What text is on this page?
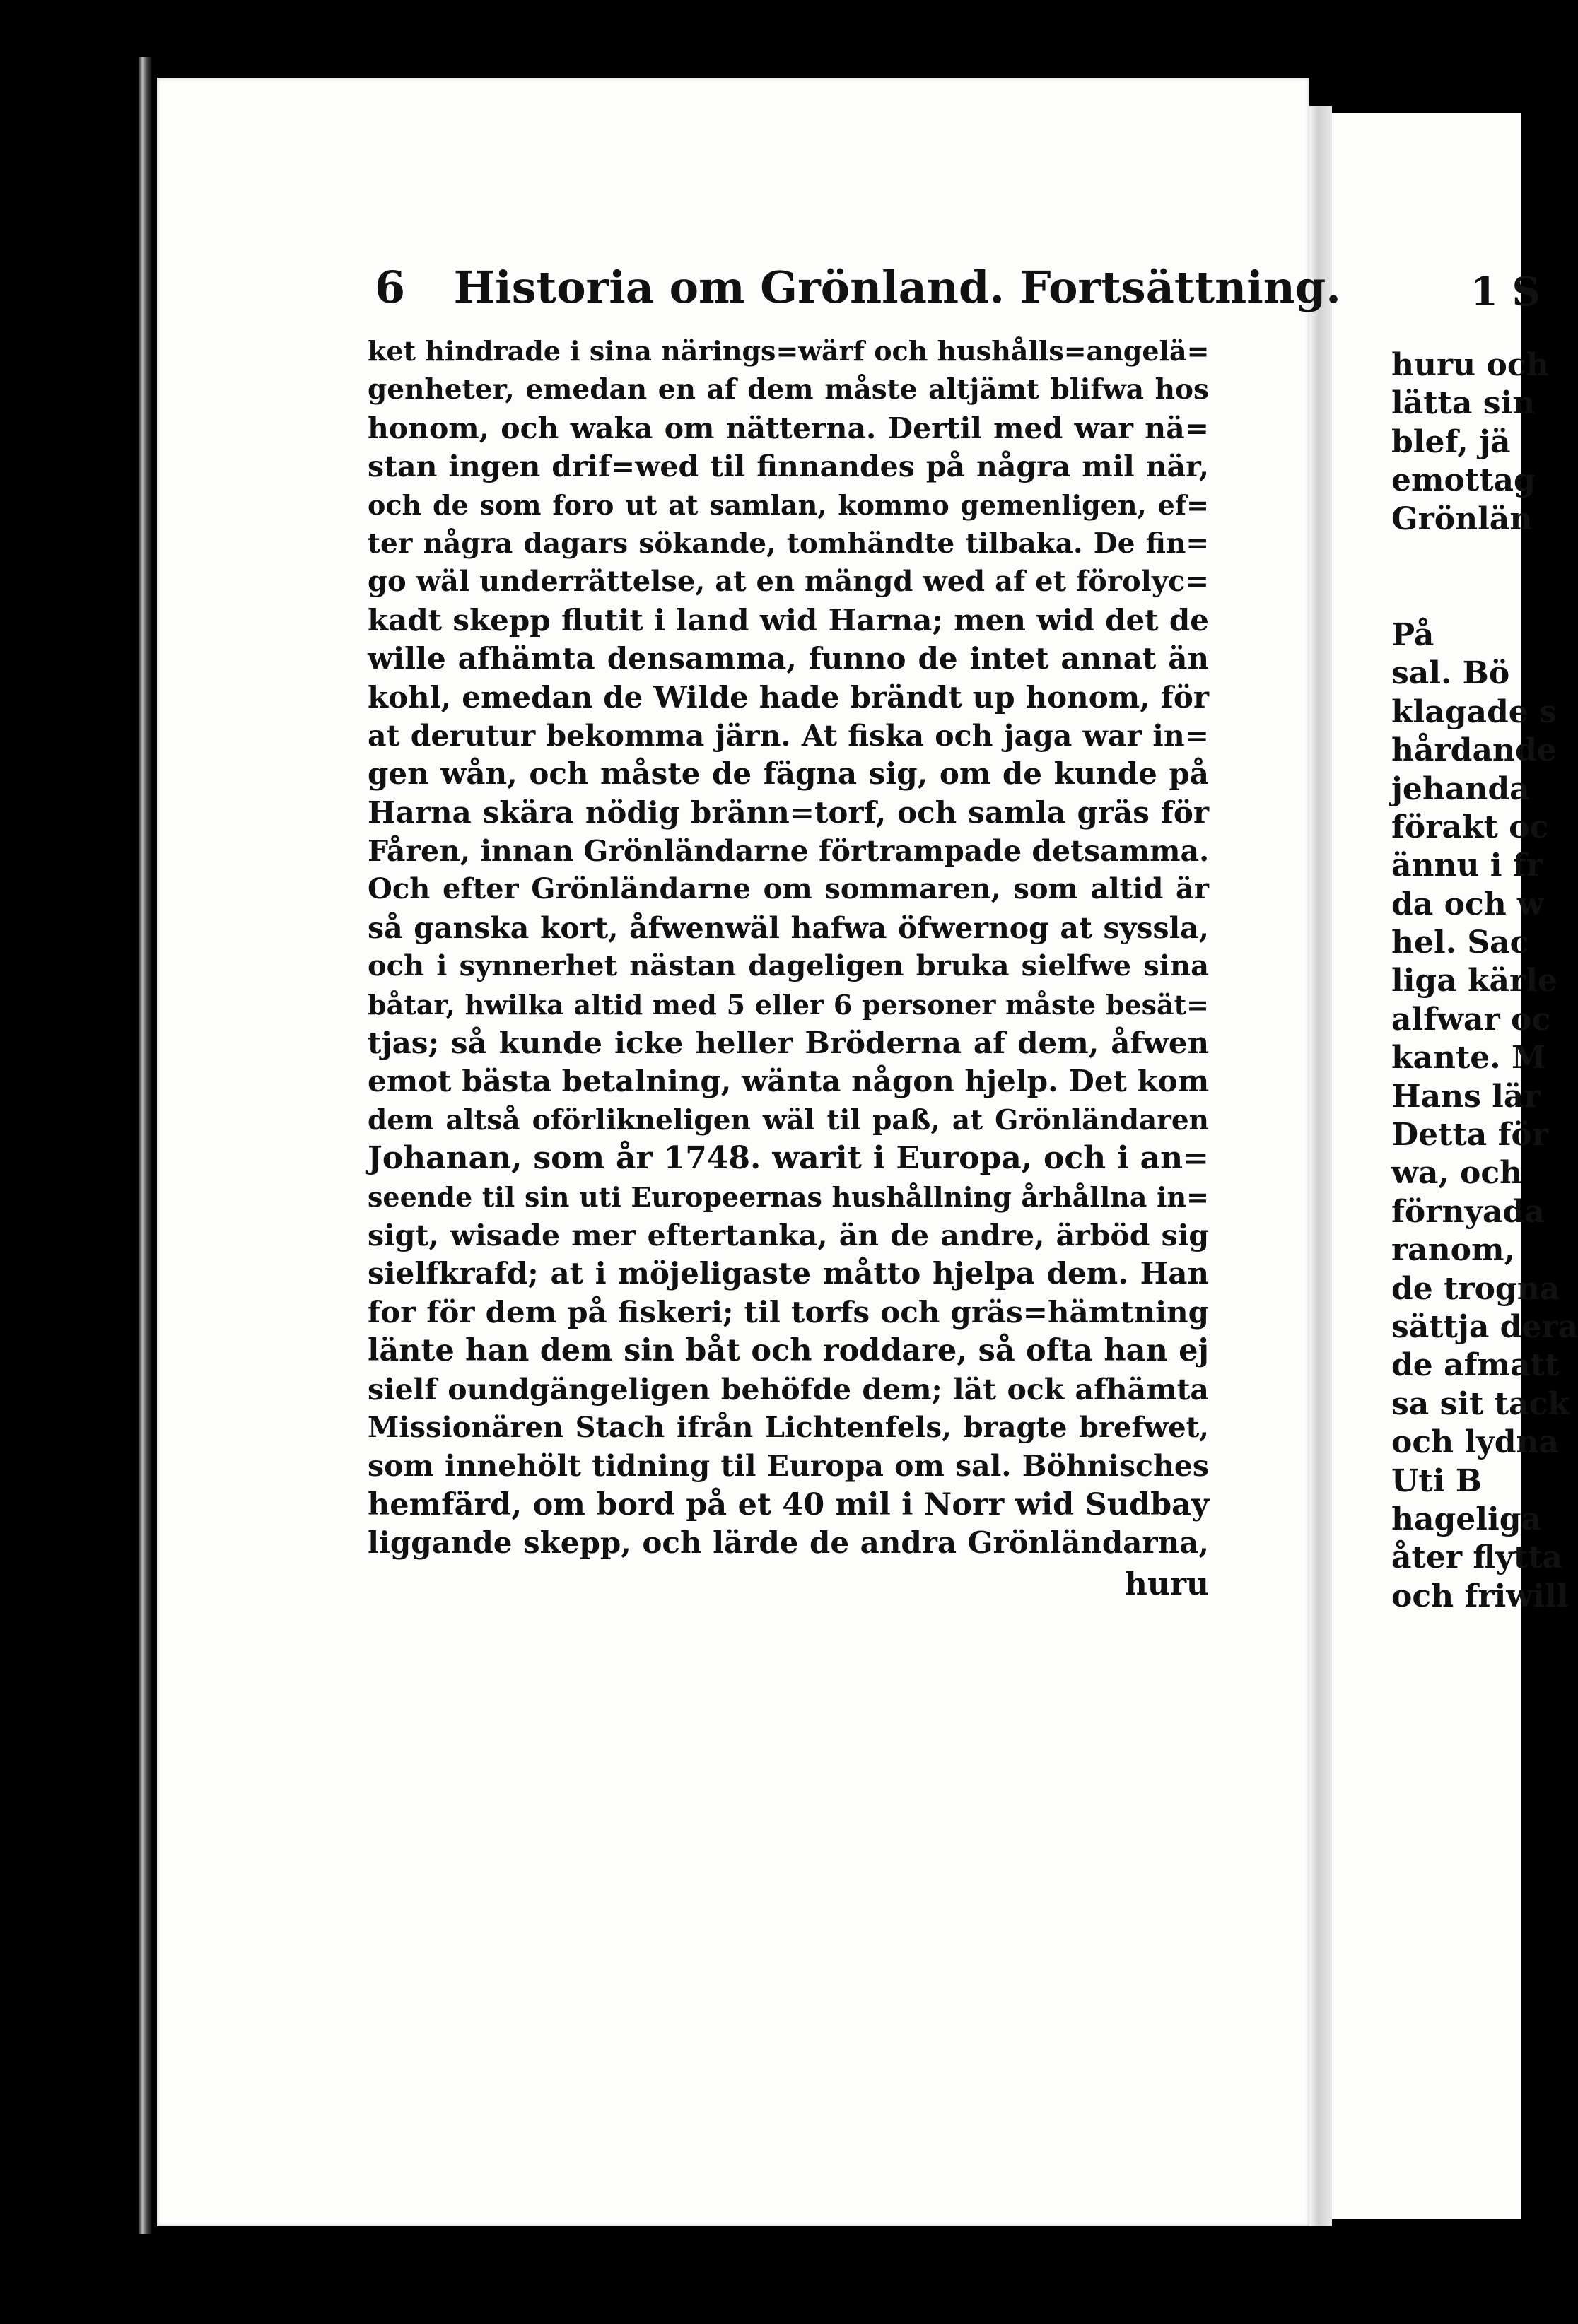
6 Historia om Grönland. Fortsättning.
ket hindrade i sina närings=wärf och hushålls=angelä=
genheter, emedan en af dem måste altjämt blifwa hos
honom, och waka om nätterna. Dertil med war nä=
stan ingen drif=wed til finnandes på några mil när,
och de som foro ut at samlan, kommo gemenligen, ef=
ter några dagars sökande, tomhändte tilbaka. De fin=
go wäl underrättelse, at en mängd wed af et förolyc=
kadt skepp flutit i land wid Harna; men wid det de
wille afhämta densamma, funno de intet annat än
kohl, emedan de Wilde hade brändt up honom, för
at derutur bekomma järn. At fiska och jaga war in=
gen wån, och måste de fägna sig, om de kunde på
Harna skära nödig bränn=torf, och samla gräs för
Fåren, innan Grönländarne förtrampade detsamma.
Och efter Grönländarne om sommaren, som altid är
så ganska kort, åfwenwäl hafwa öfwernog at syssla,
och i synnerhet nästan dageligen bruka sielfwe sina
båtar, hwilka altid med 5 eller 6 personer måste besät=
tjas; så kunde icke heller Bröderna af dem, åfwen
emot bästa betalning, wänta någon hjelp. Det kom
dem altså oförlikneligen wäl til paß, at Grönländaren
Johanan, som år 1748. warit i Europa, och i an=
seende til sin uti Europeernas hushållning århållna in=
sigt, wisade mer eftertanka, än de andre, ärböd sig
sielfkrafd; at i möjeligaste måtto hjelpa dem. Han
for för dem på fiskeri; til torfs och gräs=hämtning
länte han dem sin båt och roddare, så ofta han ej
sielf oundgängeligen behöfde dem; lät ock afhämta
Missionären Stach ifrån Lichtenfels, bragte brefwet,
som innehölt tidning til Europa om sal. Böhnisches
hemfärd, om bord på et 40 mil i Norr wid Sudbay
liggande skepp, och lärde de andra Grönländarna,
huru
1 S
huru och
lätta sin
blef, jä
emottag
Grönlän
På
sal. Bö
klagade s
hårdande
jehanda
förakt oc
ännu i fr
da och w
hel. Sac
liga kärle
alfwar oc
kante. M
Hans lär
Detta för
wa, och
förnyada
ranom,
de trogna
sättja dera
de afmatt
sa sit tack
och lydna
Uti B
hageliga
åter flytta
och friwill
